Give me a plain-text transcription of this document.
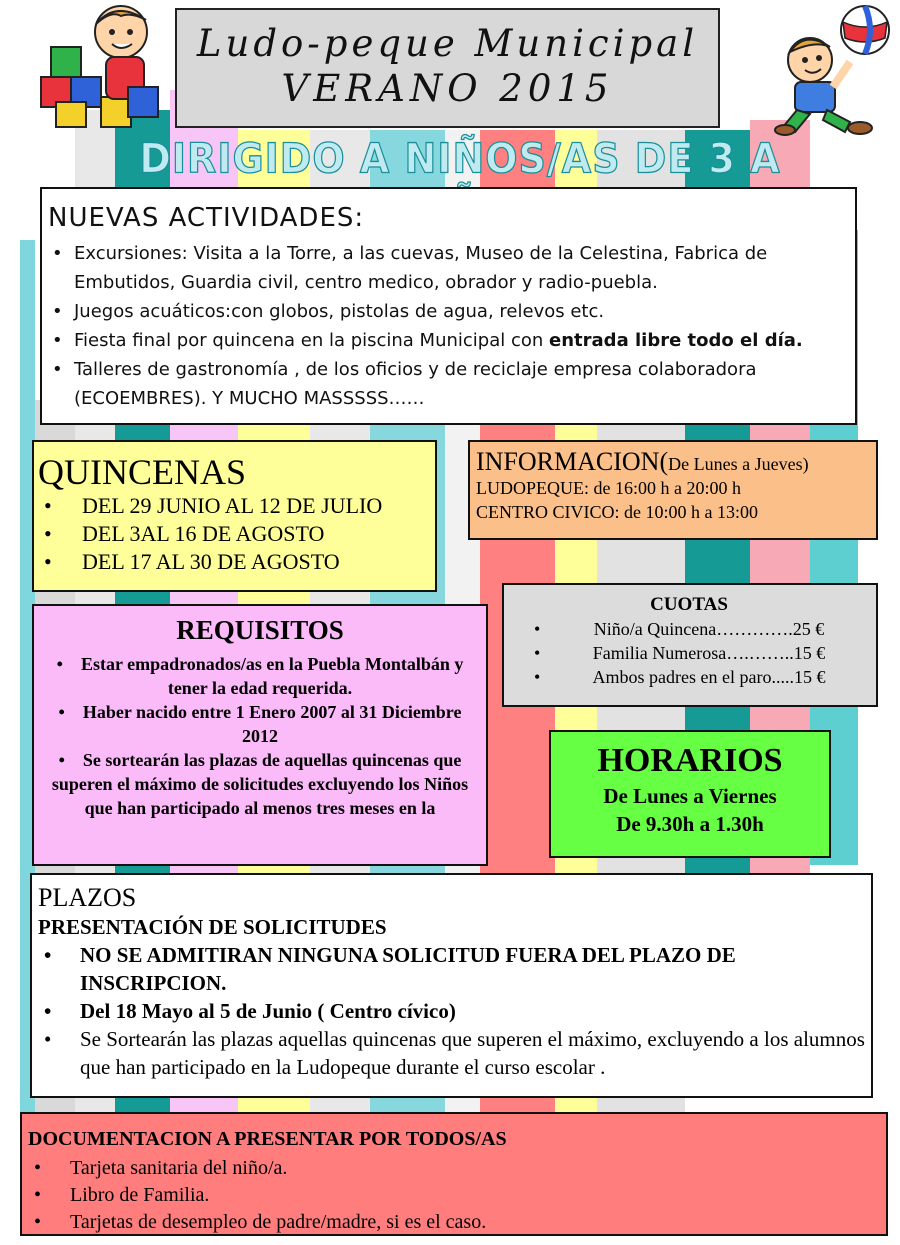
Ludo-peque Municipal
VERANO 2015
DIRIGIDO A NIÑOS/AS DE 3 A
NUEVAS ACTIVIDADES:
• Excursiones: Visita a la Torre, a las cuevas, Museo de la Celestina, Fabrica de Embutidos, Guardia civil, centro medico, obrador y radio-puebla.
• Juegos acuáticos:con globos, pistolas de agua, relevos etc.
• Fiesta final por quincena en la piscina Municipal con entrada libre todo el día.
• Talleres de gastronomía , de los oficios y de reciclaje empresa colaboradora (ECOEMBRES). Y MUCHO MASSSSS……
QUINCENAS
• DEL 29 JUNIO AL 12 DE JULIO
• DEL 3AL 16 DE AGOSTO
• DEL 17 AL 30 DE AGOSTO
INFORMACION(De Lunes a Jueves)
LUDOPEQUE: de 16:00 h a 20:00 h
CENTRO CIVICO: de 10:00 h a 13:00
REQUISITOS
• Estar empadronados/as en la Puebla Montalbán y tener la edad requerida.
• Haber nacido entre 1 Enero 2007 al 31 Diciembre 2012
• Se sortearán las plazas de aquellas quincenas que superen el máximo de solicitudes excluyendo los Niños que han participado al menos tres meses en la
CUOTAS
• Niño/a Quincena………….25 €
• Familia Numerosa….……..15 €
• Ambos padres en el paro.....15 €
HORARIOS

De Lunes a Viernes

De 9.30h a 1.30h

PLAZOS
PRESENTACIÓN DE SOLICITUDES
• NO SE ADMITIRAN NINGUNA SOLICITUD FUERA DEL PLAZO DE INSCRIPCION.
• Del 18 Mayo al 5 de Junio ( Centro cívico)
• Se Sortearán las plazas aquellas quincenas que superen el máximo, excluyendo a los alumnos que han participado en la Ludopeque durante el curso escolar .
DOCUMENTACION A PRESENTAR POR TODOS/AS
• Tarjeta sanitaria del niño/a.
• Libro de Familia.
• Tarjetas de desempleo de padre/madre, si es el caso.
